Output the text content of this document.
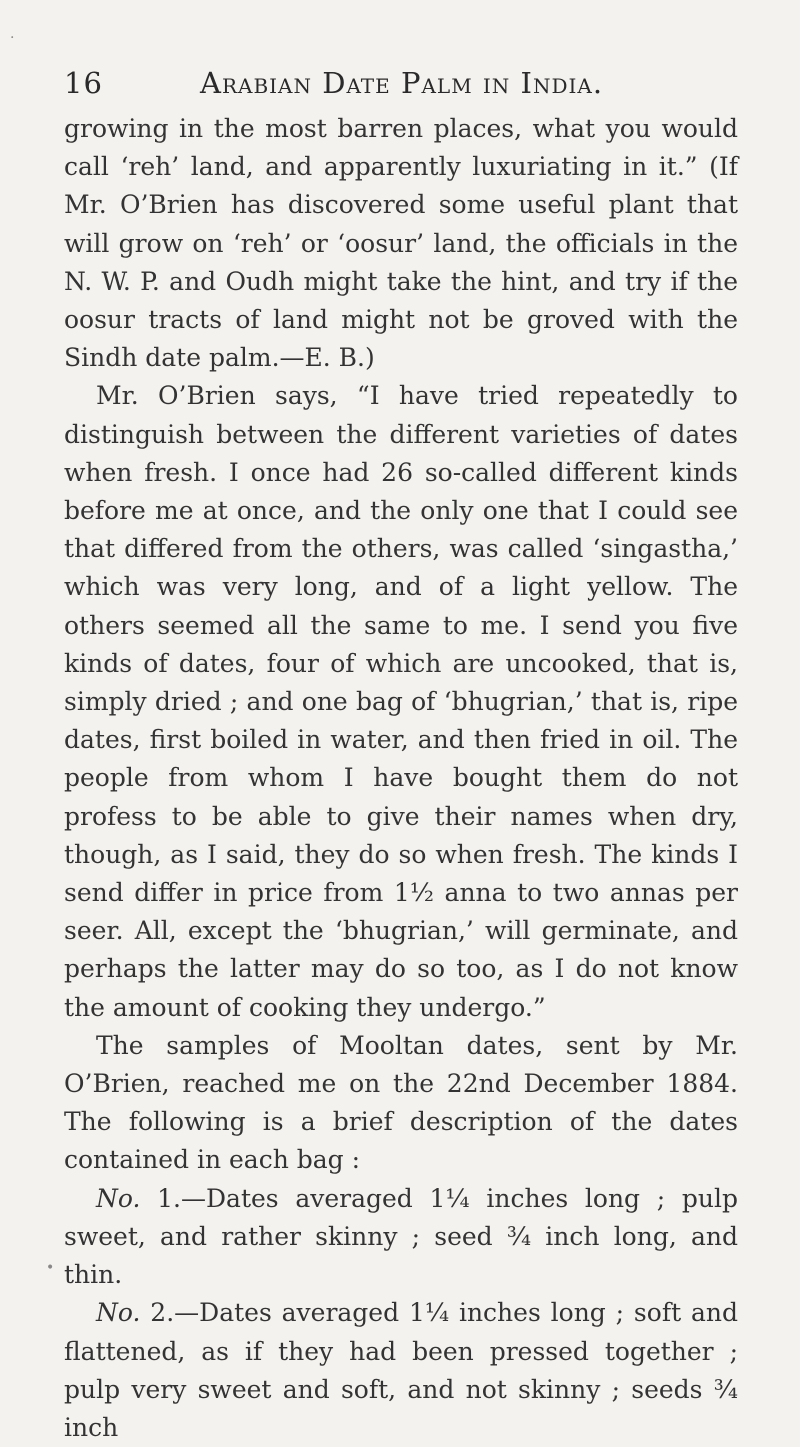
16	Arabian Date Palm in India.

growing in the most barren places, what you would call ‘reh’ land, and apparently luxuriating in it.” (If Mr. O’Brien has discovered some useful plant that will grow on ‘reh’ or ‘oosur’ land, the officials in the N. W. P. and Oudh might take the hint, and try if the oosur tracts of land might not be groved with the Sindh date palm.—E. B.)

Mr. O’Brien says, “I have tried repeatedly to distinguish between the different varieties of dates when fresh. I once had 26 so-called different kinds before me at once, and the only one that I could see that differed from the others, was called ‘singastha,’ which was very long, and of a light yellow. The others seemed all the same to me. I send you five kinds of dates, four of which are uncooked, that is, simply dried ; and one bag of ‘bhugrian,’ that is, ripe dates, first boiled in water, and then fried in oil. The people from whom I have bought them do not profess to be able to give their names when dry, though, as I said, they do so when fresh. The kinds I send differ in price from 1½ anna to two annas per seer. All, except the ‘bhugrian,’ will germinate, and perhaps the latter may do so too, as I do not know the amount of cooking they undergo.”

The samples of Mooltan dates, sent by Mr. O’Brien, reached me on the 22nd December 1884. The following is a brief description of the dates contained in each bag :

No. 1.—Dates averaged 1¼ inches long ; pulp sweet, and rather skinny ; seed ¾ inch long, and thin.

No. 2.—Dates averaged 1¼ inches long ; soft and flattened, as if they had been pressed together ; pulp very sweet and soft, and not skinny ; seeds ¾ inch

·
•
